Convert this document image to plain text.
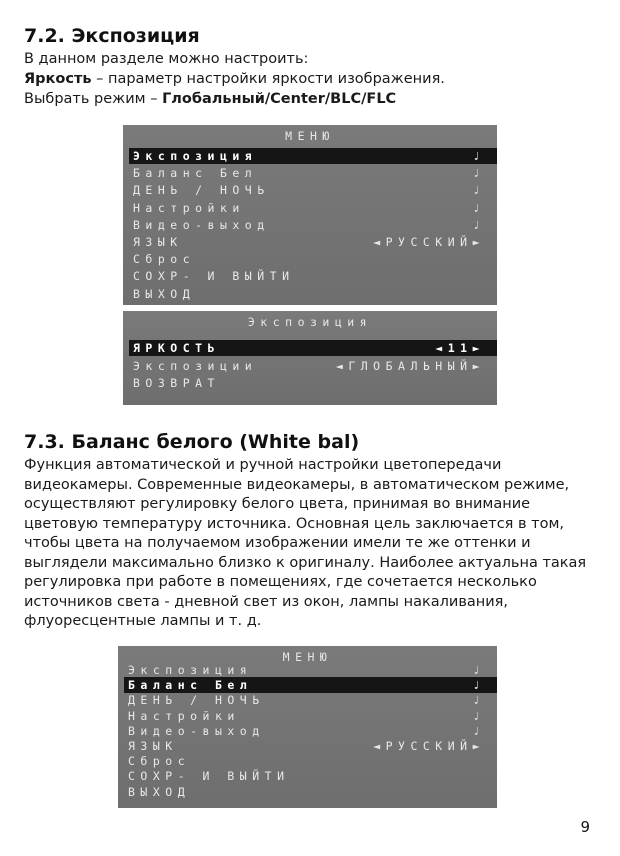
7.2. Экспозиция

В данном разделе можно настроить:

Яркость – параметр настройки яркости изображения.

Выбрать режим – Глобальный/Center/BLC/FLC

МЕНЮ
Экспозиция	♩
Баланс Бел	♩
ДЕНЬ / НОЧЬ	♩
Настройки	♩
Видео-выход	♩
ЯЗЫК	◄РУССКИЙ►
Сброс
СОХР- И ВЫЙТИ
ВЫХОД
Экспозиция
ЯРКОСТЬ	◄11►
Экспозиции	◄ГЛОБАЛЬНЫЙ►
ВОЗВРАТ
7.3. Баланс белого (White bal)
Функция автоматической и ручной настройки цветопередачи
видеокамеры. Современные видеокамеры, в автоматическом режиме,
осуществляют регулировку белого цвета, принимая во внимание
цветовую температуру источника. Основная цель заключается в том,
чтобы цвета на получаемом изображении имели те же оттенки и
выглядели максимально близко к оригиналу. Наиболее актуальна такая
регулировка при работе в помещениях, где сочетается несколько
источников света - дневной свет из окон, лампы накаливания,
флуоресцентные лампы и т. д.
МЕНЮ
Экспозиция	♩
Баланс Бел	♩
ДЕНЬ / НОЧЬ	♩
Настройки	♩
Видео-выход	♩
ЯЗЫК	◄РУССКИЙ►
Сброс
СОХР- И ВЫЙТИ
ВЫХОД
9
